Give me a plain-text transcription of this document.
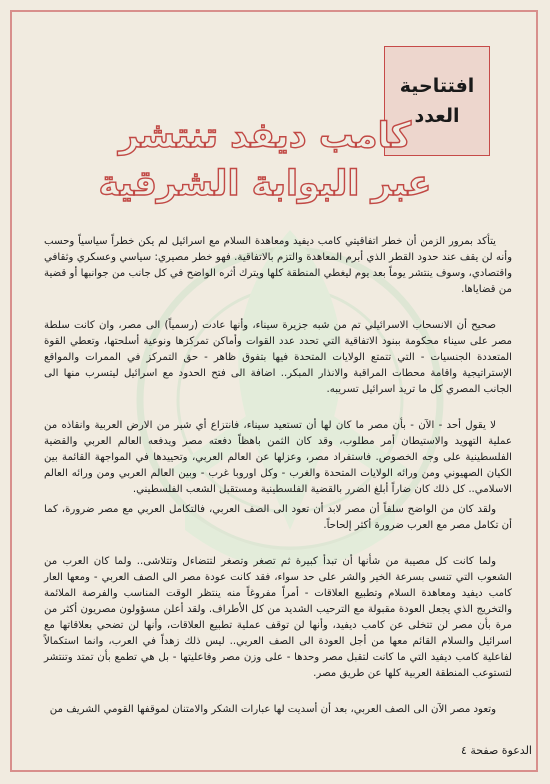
افتتاحية
العدد
كامب ديفد تنتشر
عبر البوابة الشرقية

يتأكد بمرور الزمن أن خطر اتفاقيتي كامب ديفيد ومعاهدة السلام مع اسرائيل لم يكن خطراً سياسياً وحسب وأنه لن يقف عند حدود القطر الذي أبرم المعاهدة والتزم بالاتفاقية. فهو خطر مصيري: سياسي وعسكري وثقافي واقتصادي، وسوف ينتشر يوماً بعد يوم ليغطي المنطقة كلها ويترك أثره الواضح في كل جانب من جوانبها أو قضية من قضاياها.

صحيح أن الانسحاب الاسرائيلي تم من شبه جزيرة سيناء، وأنها عادت (رسمياً) الى مصر، وان كانت سلطة مصر على سيناء محكومة ببنود الاتفاقية التي تحدد عدد القوات وأماكن تمركزها ونوعية أسلحتها، وتعطي القوة المتعددة الجنسيات - التي تتمتع الولايات المتحدة فيها بتفوق ظاهر - حق التمركز في الممرات والمواقع الإستراتيجية واقامة محطات المراقبة والانذار المبكر.. اضافة الى فتح الحدود مع اسرائيل ليتسرب منها الى الجانب المصري كل ما تريد اسرائيل تسريبه.

لا يقول أحد - الآن - بأن مصر ما كان لها أن تستعيد سيناء، فانتزاع أي شبر من الارض العربية وانقاذه من عملية التهويد والاستيطان أمر مطلوب، وقد كان الثمن باهظاً دفعته مصر ويدفعه العالم العربي والقضية الفلسطينية على وجه الخصوص. فاستفراد مصر، وعزلها عن العالم العربي، وتحييدها في المواجهة القائمة بين الكيان الصهيوني ومن ورائه الولايات المتحدة والغرب - وكل اوروبا غرب - وبين العالم العربي ومن ورائه العالم الاسلامي.. كل ذلك كان ضاراً أبلغ الضرر بالقضية الفلسطينية ومستقبل الشعب الفلسطيني.

ولقد كان من الواضح سلفاً أن مصر لابد أن تعود الى الصف العربي، فالتكامل العربي مع مصر ضرورة، كما أن تكامل مصر مع العرب ضرورة أكثر إلحاحاً.

ولما كانت كل مصيبة من شأنها أن تبدأ كبيرة ثم تصغر وتصغر لتتضاءل وتتلاشى.. ولما كان العرب من الشعوب التي تنسى بسرعة الخير والشر على حد سواء، فقد كانت عودة مصر الى الصف العربي - ومعها العار كامب ديفيد ومعاهدة السلام وتطبيع العلاقات - أمراً مفروغاً منه ينتظر الوقت المناسب والفرصة الملائمة والتخريج الذي يجعل العودة مقبولة مع الترحيب الشديد من كل الأطراف. ولقد أعلن مسؤولون مصريون أكثر من مرة بأن مصر لن تتخلى عن كامب ديفيد، وأنها لن توقف عملية تطبيع العلاقات، وأنها لن تضحي بعلاقاتها مع اسرائيل والسلام القائم معها من أجل العودة الى الصف العربي.. ليس ذلك زهداً في العرب، وانما استكمالاً لفاعلية كامب ديفيد التي ما كانت لتقبل مصر وحدها - على وزن مصر وفاعليتها - بل هي تطمع بأن تمتد وتنتشر لتستوعب المنطقة العربية كلها عن طريق مصر.

وتعود مصر الآن الى الصف العربي، بعد أن أسديت لها عبارات الشكر والامتنان لموقفها القومي الشريف من

الدعوة صفحة ٤
